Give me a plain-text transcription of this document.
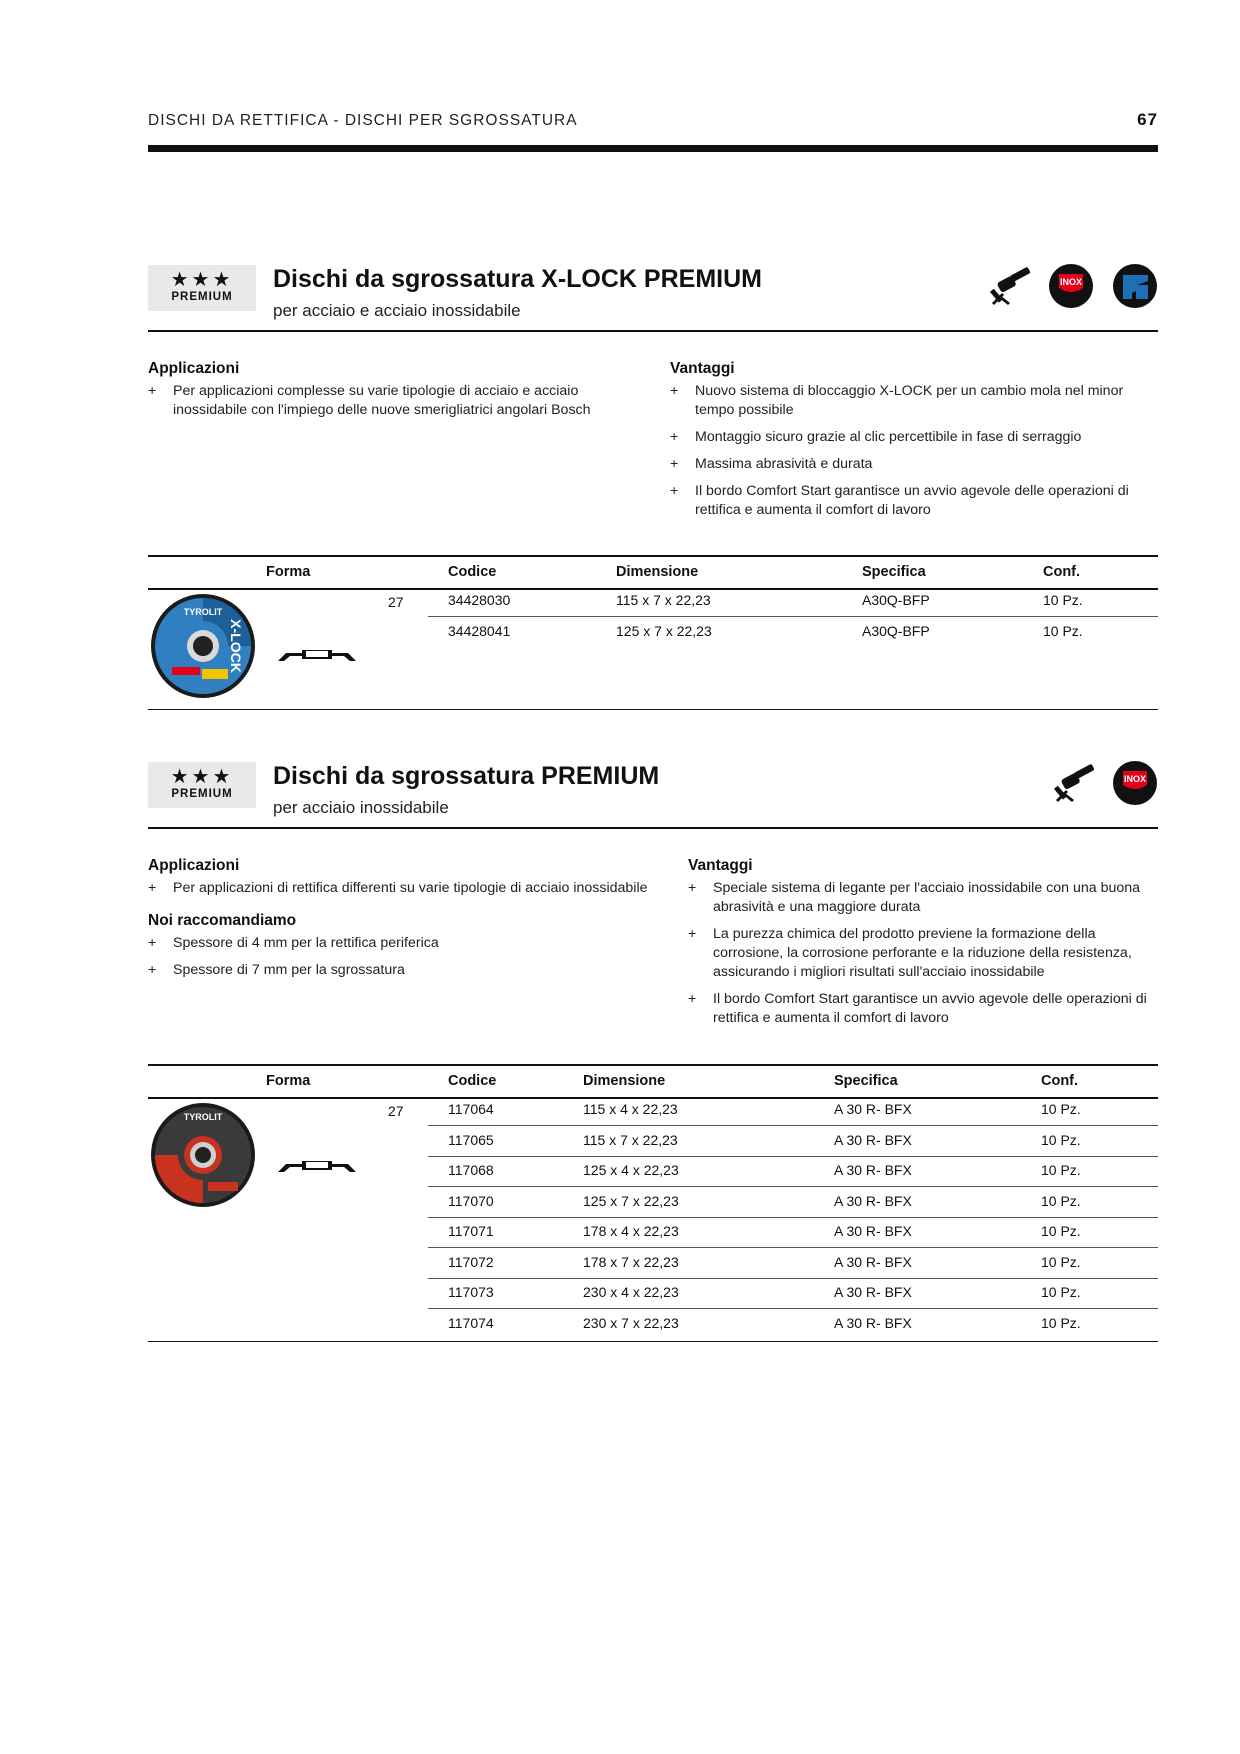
DISCHI DA RETTIFICA - DISCHI PER SGROSSATURA	67
★★★
PREMIUM
Dischi da sgrossatura X-LOCK PREMIUM
per acciaio e acciaio inossidabile
INOX
Applicazioni
+ Per applicazioni complesse su varie tipologie di acciaio e acciaio inossidabile con l'impiego delle nuove smerigliatrici angolari Bosch
Vantaggi
+ Nuovo sistema di bloccaggio X-LOCK per un cambio mola nel minor tempo possibile
+ Montaggio sicuro grazie al clic percettibile in fase di serraggio
+ Massima abrasività e durata
+ Il bordo Comfort Start garantisce un avvio agevole delle operazioni di rettifica e aumenta il comfort di lavoro
Forma	Codice	Dimensione	Specifica	Conf.
TYROLIT
X-LOCK
27	34428030	115 x 7 x 22,23	A30Q-BFP	10 Pz.
34428041	125 x 7 x 22,23	A30Q-BFP	10 Pz.
★★★
PREMIUM
Dischi da sgrossatura PREMIUM
per acciaio inossidabile
INOX
Applicazioni
+ Per applicazioni di rettifica differenti su varie tipologie di acciaio inossidabile
Noi raccomandiamo
+ Spessore di 4 mm per la rettifica periferica
+ Spessore di 7 mm per la sgrossatura
Vantaggi
+ Speciale sistema di legante per l'acciaio inossidabile con una buona abrasività e una maggiore durata
+ La purezza chimica del prodotto previene la formazione della corrosione, la corrosione perforante e la riduzione della resistenza, assicurando i migliori risultati sull'acciaio inossidabile
+ Il bordo Comfort Start garantisce un avvio agevole delle operazioni di rettifica e aumenta il comfort di lavoro
Forma	Codice	Dimensione	Specifica	Conf.
TYROLIT	27	117064	115 x 4 x 22,23	A 30 R- BFX	10 Pz.
117065	115 x 7 x 22,23	A 30 R- BFX	10 Pz.
117068	125 x 4 x 22,23	A 30 R- BFX	10 Pz.
117070	125 x 7 x 22,23	A 30 R- BFX	10 Pz.
117071	178 x 4 x 22,23	A 30 R- BFX	10 Pz.
117072	178 x 7 x 22,23	A 30 R- BFX	10 Pz.
117073	230 x 4 x 22,23	A 30 R- BFX	10 Pz.
117074	230 x 7 x 22,23	A 30 R- BFX	10 Pz.
